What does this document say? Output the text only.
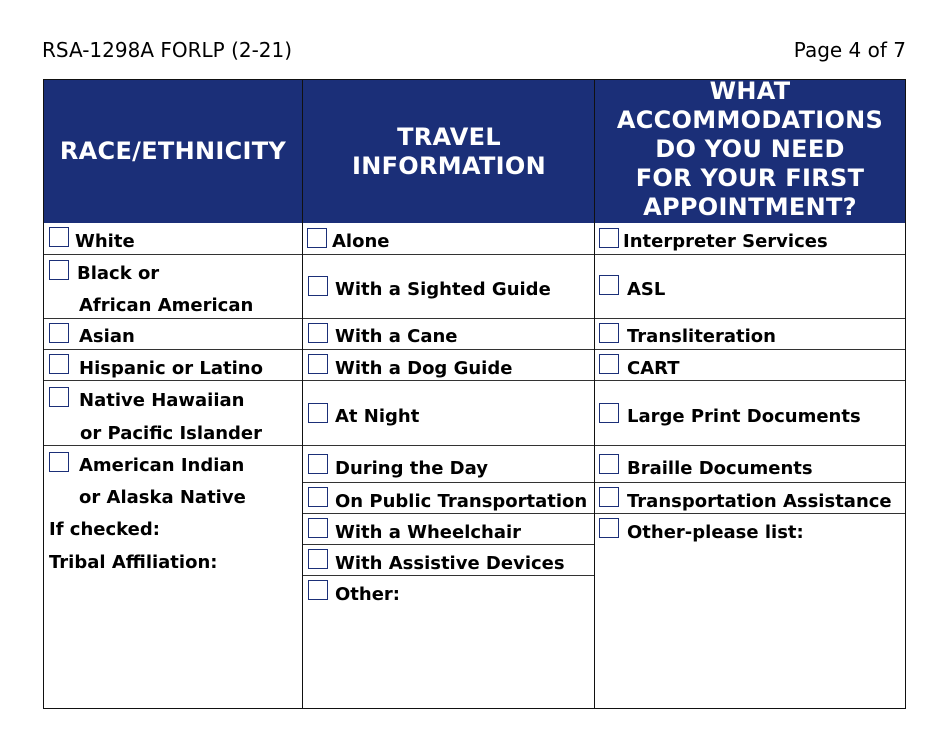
RSA-1298A FORLP (2-21)	Page 4 of 7
RACE/ETHNICITY
White
Black or
African American
Asian
Hispanic or Latino
Native Hawaiian
or Pacific Islander
American Indian
or Alaska Native
If checked:
Tribal Affiliation:
TRAVEL
INFORMATION
Alone
With a Sighted Guide
With a Cane
With a Dog Guide
At Night
During the Day
On Public Transportation
With a Wheelchair
With Assistive Devices
Other:
WHAT
ACCOMMODATIONS
DO YOU NEED
FOR YOUR FIRST
APPOINTMENT?
Interpreter Services
ASL
Transliteration
CART
Large Print Documents
Braille Documents
Transportation Assistance
Other-please list:
